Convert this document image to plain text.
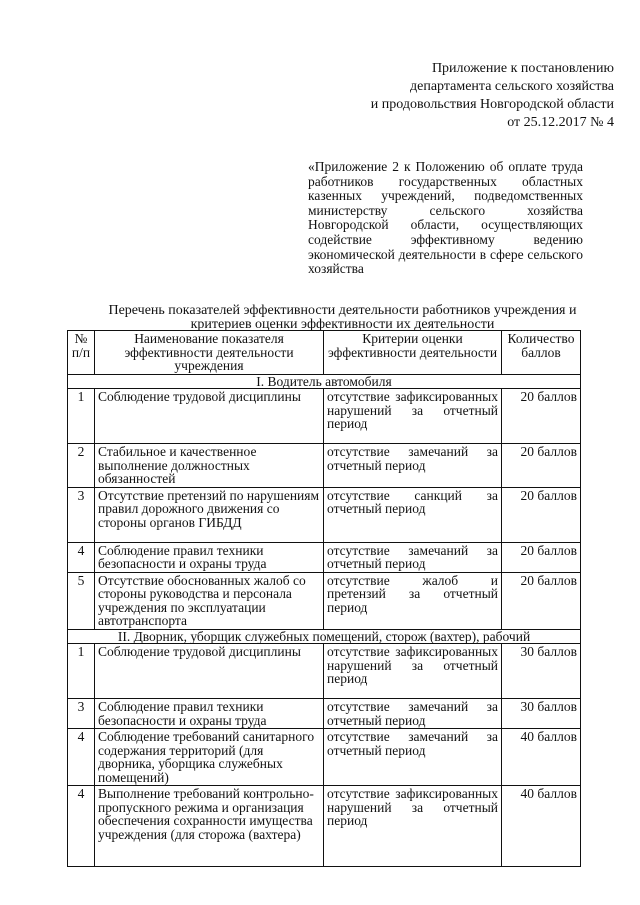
Приложение к постановлению
департамента сельского хозяйства
и продовольствия Новгородской области
от 25.12.2017 № 4
«Приложение 2 к Положению об оплате труда работников государственных областных казенных учреждений, подведомственных министерству сельского хозяйства Новгородской области, осуществляющих содействие эффективному ведению экономической деятельности в сфере сельского хозяйства
Перечень показателей эффективности деятельности работников учреждения и
критериев оценки эффективности их деятельности
№ п/п	Наименование показателя эффективности деятельности учреждения	Критерии оценки эффективности деятельности	Количество баллов
I. Водитель автомобиля			
1	Соблюдение трудовой дисциплины	отсутствие зафиксированных нарушений за отчетный период	20 баллов
2	Стабильное и качественное выполнение должностных обязанностей	отсутствие замечаний за отчетный период	20 баллов
3	Отсутствие претензий по нарушениям правил дорожного движения со стороны органов ГИБДД	отсутствие санкций за отчетный период	20 баллов
4	Соблюдение правил техники безопасности и охраны труда	отсутствие замечаний за отчетный период	20 баллов
5	Отсутствие обоснованных жалоб со стороны руководства и персонала учреждения по эксплуатации автотранспорта	отсутствие жалоб и претензий за отчетный период	20 баллов
II. Дворник, уборщик служебных помещений, сторож (вахтер), рабочий			
1	Соблюдение трудовой дисциплины	отсутствие зафиксированных нарушений за отчетный период	30 баллов
3	Соблюдение правил техники безопасности и охраны труда	отсутствие замечаний за отчетный период	30 баллов
4	Соблюдение требований санитарного содержания территорий (для дворника, уборщика служебных помещений)	отсутствие замечаний за отчетный период	40 баллов
4	Выполнение требований контрольно-пропускного режима и организация обеспечения сохранности имущества учреждения (для сторожа (вахтера)	отсутствие зафиксированных нарушений за отчетный период	40 баллов
